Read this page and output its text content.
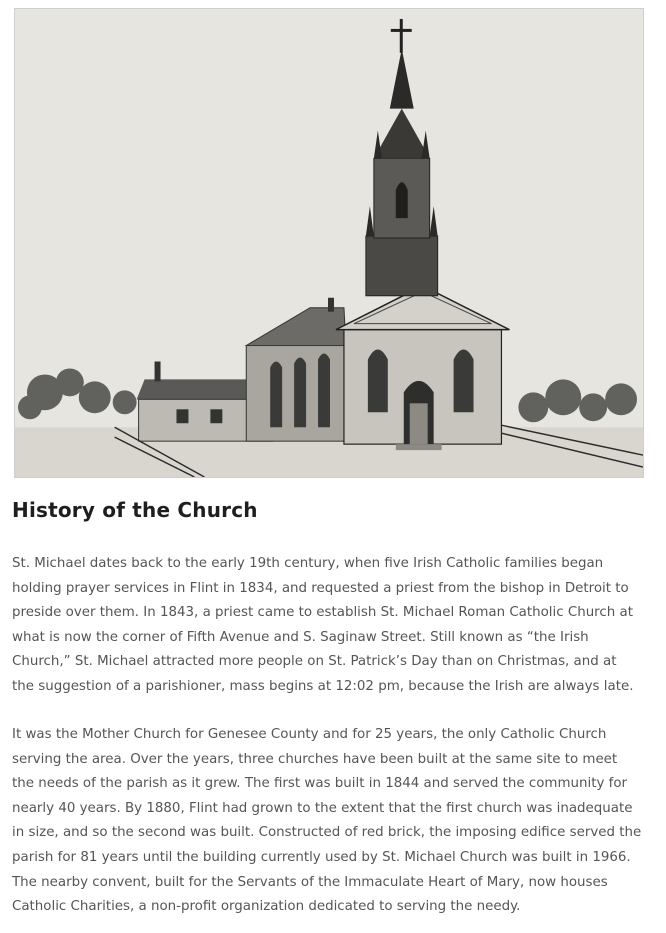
History of the Church

St. Michael dates back to the early 19th century, when five Irish Catholic families began holding prayer services in Flint in 1834, and requested a priest from the bishop in Detroit to preside over them. In 1843, a priest came to establish St. Michael Roman Catholic Church at what is now the corner of Fifth Avenue and S. Saginaw Street. Still known as “the Irish Church,” St. Michael attracted more people on St. Patrick’s Day than on Christmas, and at the suggestion of a parishioner, mass begins at 12:02 pm, because the Irish are always late.

It was the Mother Church for Genesee County and for 25 years, the only Catholic Church serving the area. Over the years, three churches have been built at the same site to meet the needs of the parish as it grew. The first was built in 1844 and served the community for nearly 40 years. By 1880, Flint had grown to the extent that the first church was inadequate in size, and so the second was built. Constructed of red brick, the imposing edifice served the parish for 81 years until the building currently used by St. Michael Church was built in 1966. The nearby convent, built for the Servants of the Immaculate Heart of Mary, now houses Catholic Charities, a non-profit organization dedicated to serving the needy.
